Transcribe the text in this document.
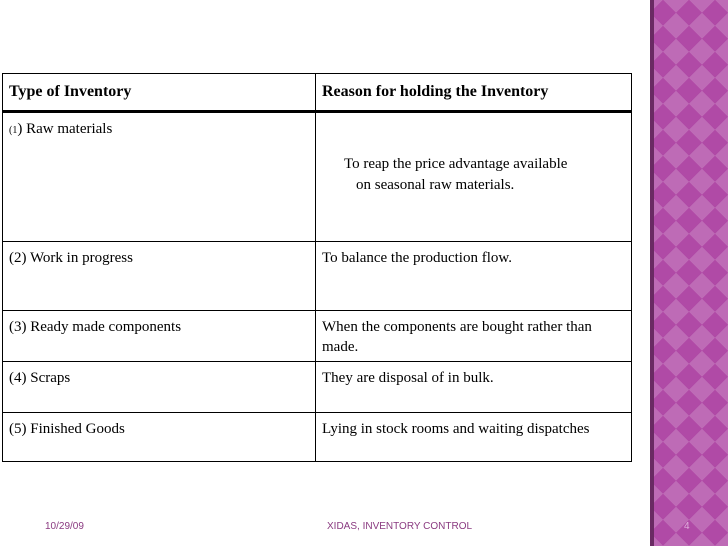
Type of Inventory	Reason for holding the Inventory
(1) Raw materials	To reap the price advantage available on seasonal raw materials.

(2) Work in progress	To balance the production flow.
(3) Ready made components	When the components are bought rather than made.
(4) Scraps	They are disposal of in bulk.
(5) Finished Goods	Lying in stock rooms and waiting dispatches
10/29/09	XIDAS, INVENTORY CONTROL	4
